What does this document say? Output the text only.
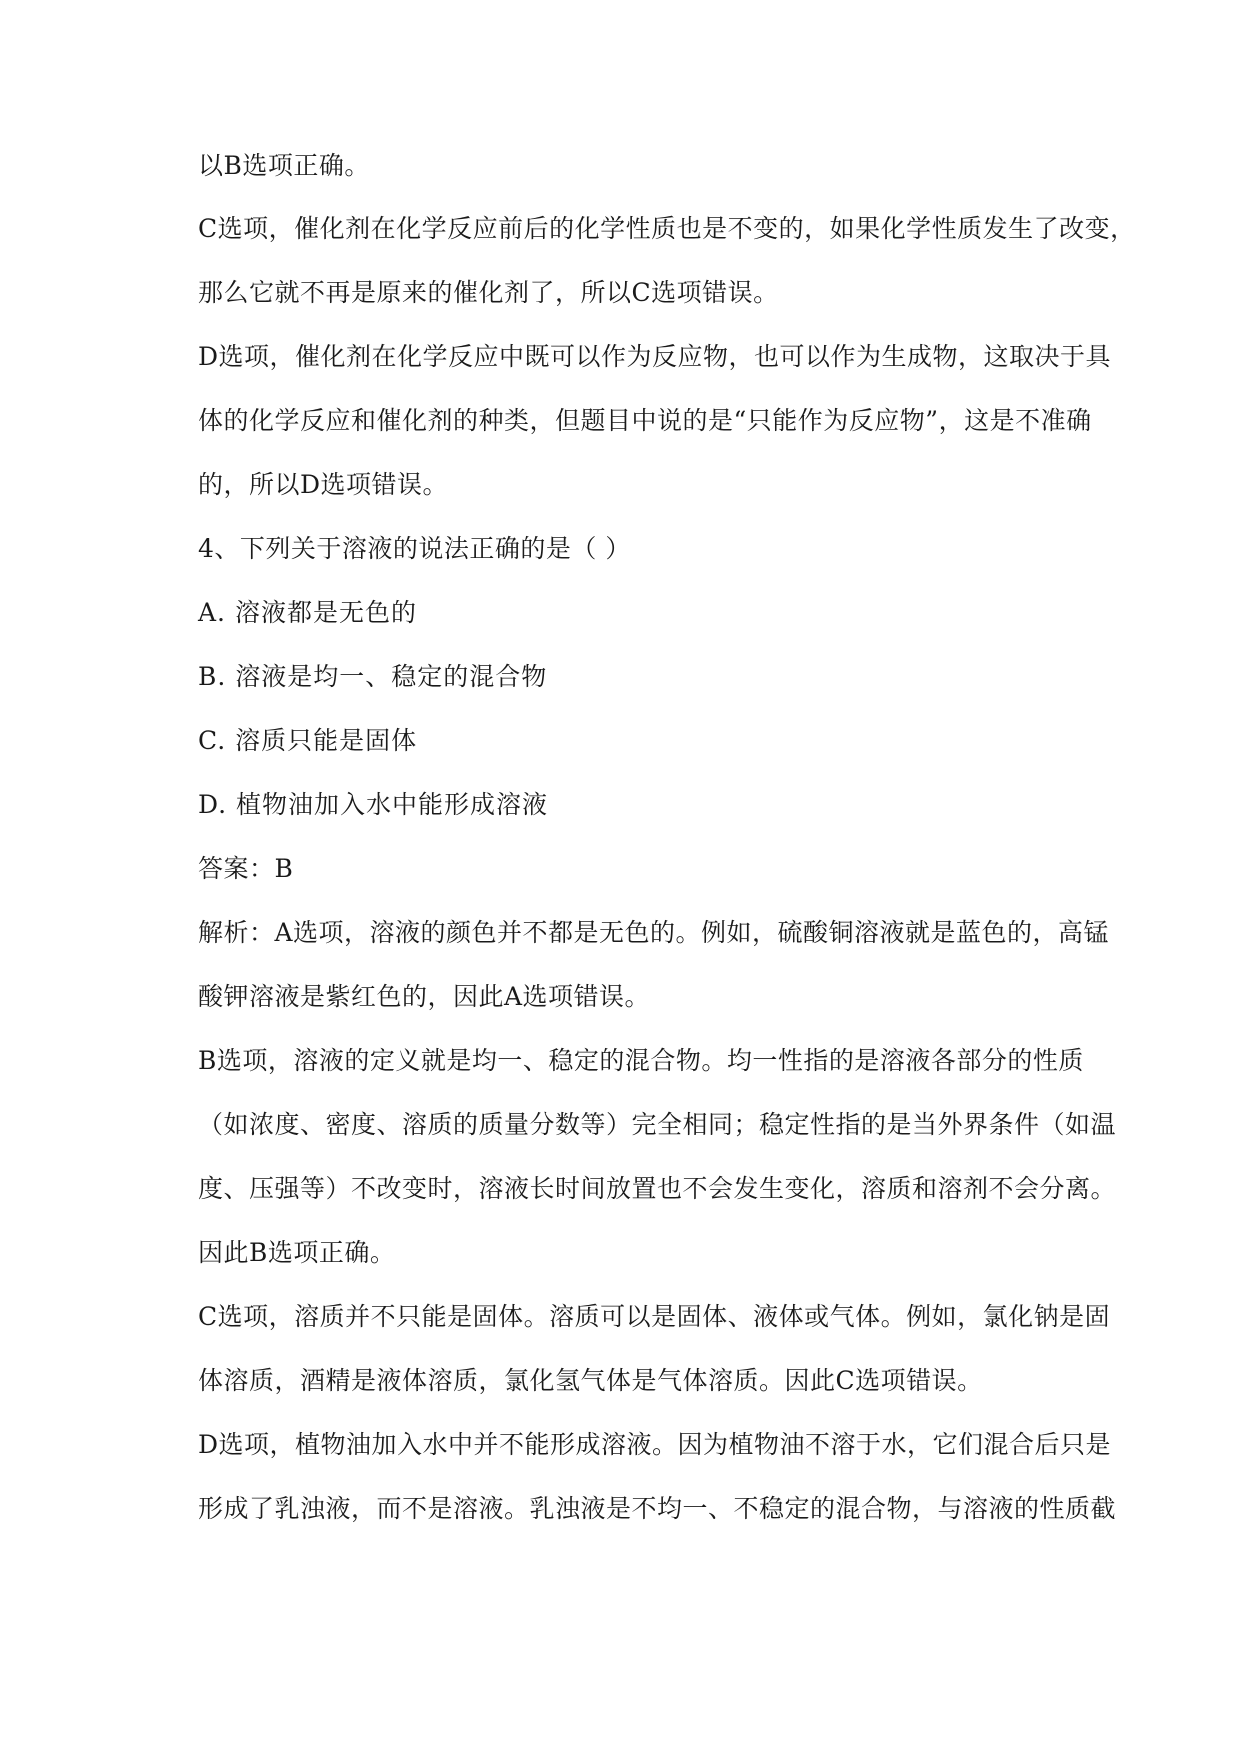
以B选项正确。
C选项，催化剂在化学反应前后的化学性质也是不变的，如果化学性质发生了改变，
那么它就不再是原来的催化剂了，所以C选项错误。
D选项，催化剂在化学反应中既可以作为反应物，也可以作为生成物，这取决于具
体的化学反应和催化剂的种类，但题目中说的是“只能作为反应物”，这是不准确
的，所以D选项错误。
4、下列关于溶液的说法正确的是（ ）
A. 溶液都是无色的
B. 溶液是均一、稳定的混合物
C. 溶质只能是固体
D. 植物油加入水中能形成溶液
答案：B
解析：A选项，溶液的颜色并不都是无色的。例如，硫酸铜溶液就是蓝色的，高锰
酸钾溶液是紫红色的，因此A选项错误。
B选项，溶液的定义就是均一、稳定的混合物。均一性指的是溶液各部分的性质
（如浓度、密度、溶质的质量分数等）完全相同；稳定性指的是当外界条件（如温
度、压强等）不改变时，溶液长时间放置也不会发生变化，溶质和溶剂不会分离。
因此B选项正确。
C选项，溶质并不只能是固体。溶质可以是固体、液体或气体。例如，氯化钠是固
体溶质，酒精是液体溶质，氯化氢气体是气体溶质。因此C选项错误。
D选项，植物油加入水中并不能形成溶液。因为植物油不溶于水，它们混合后只是
形成了乳浊液，而不是溶液。乳浊液是不均一、不稳定的混合物，与溶液的性质截
